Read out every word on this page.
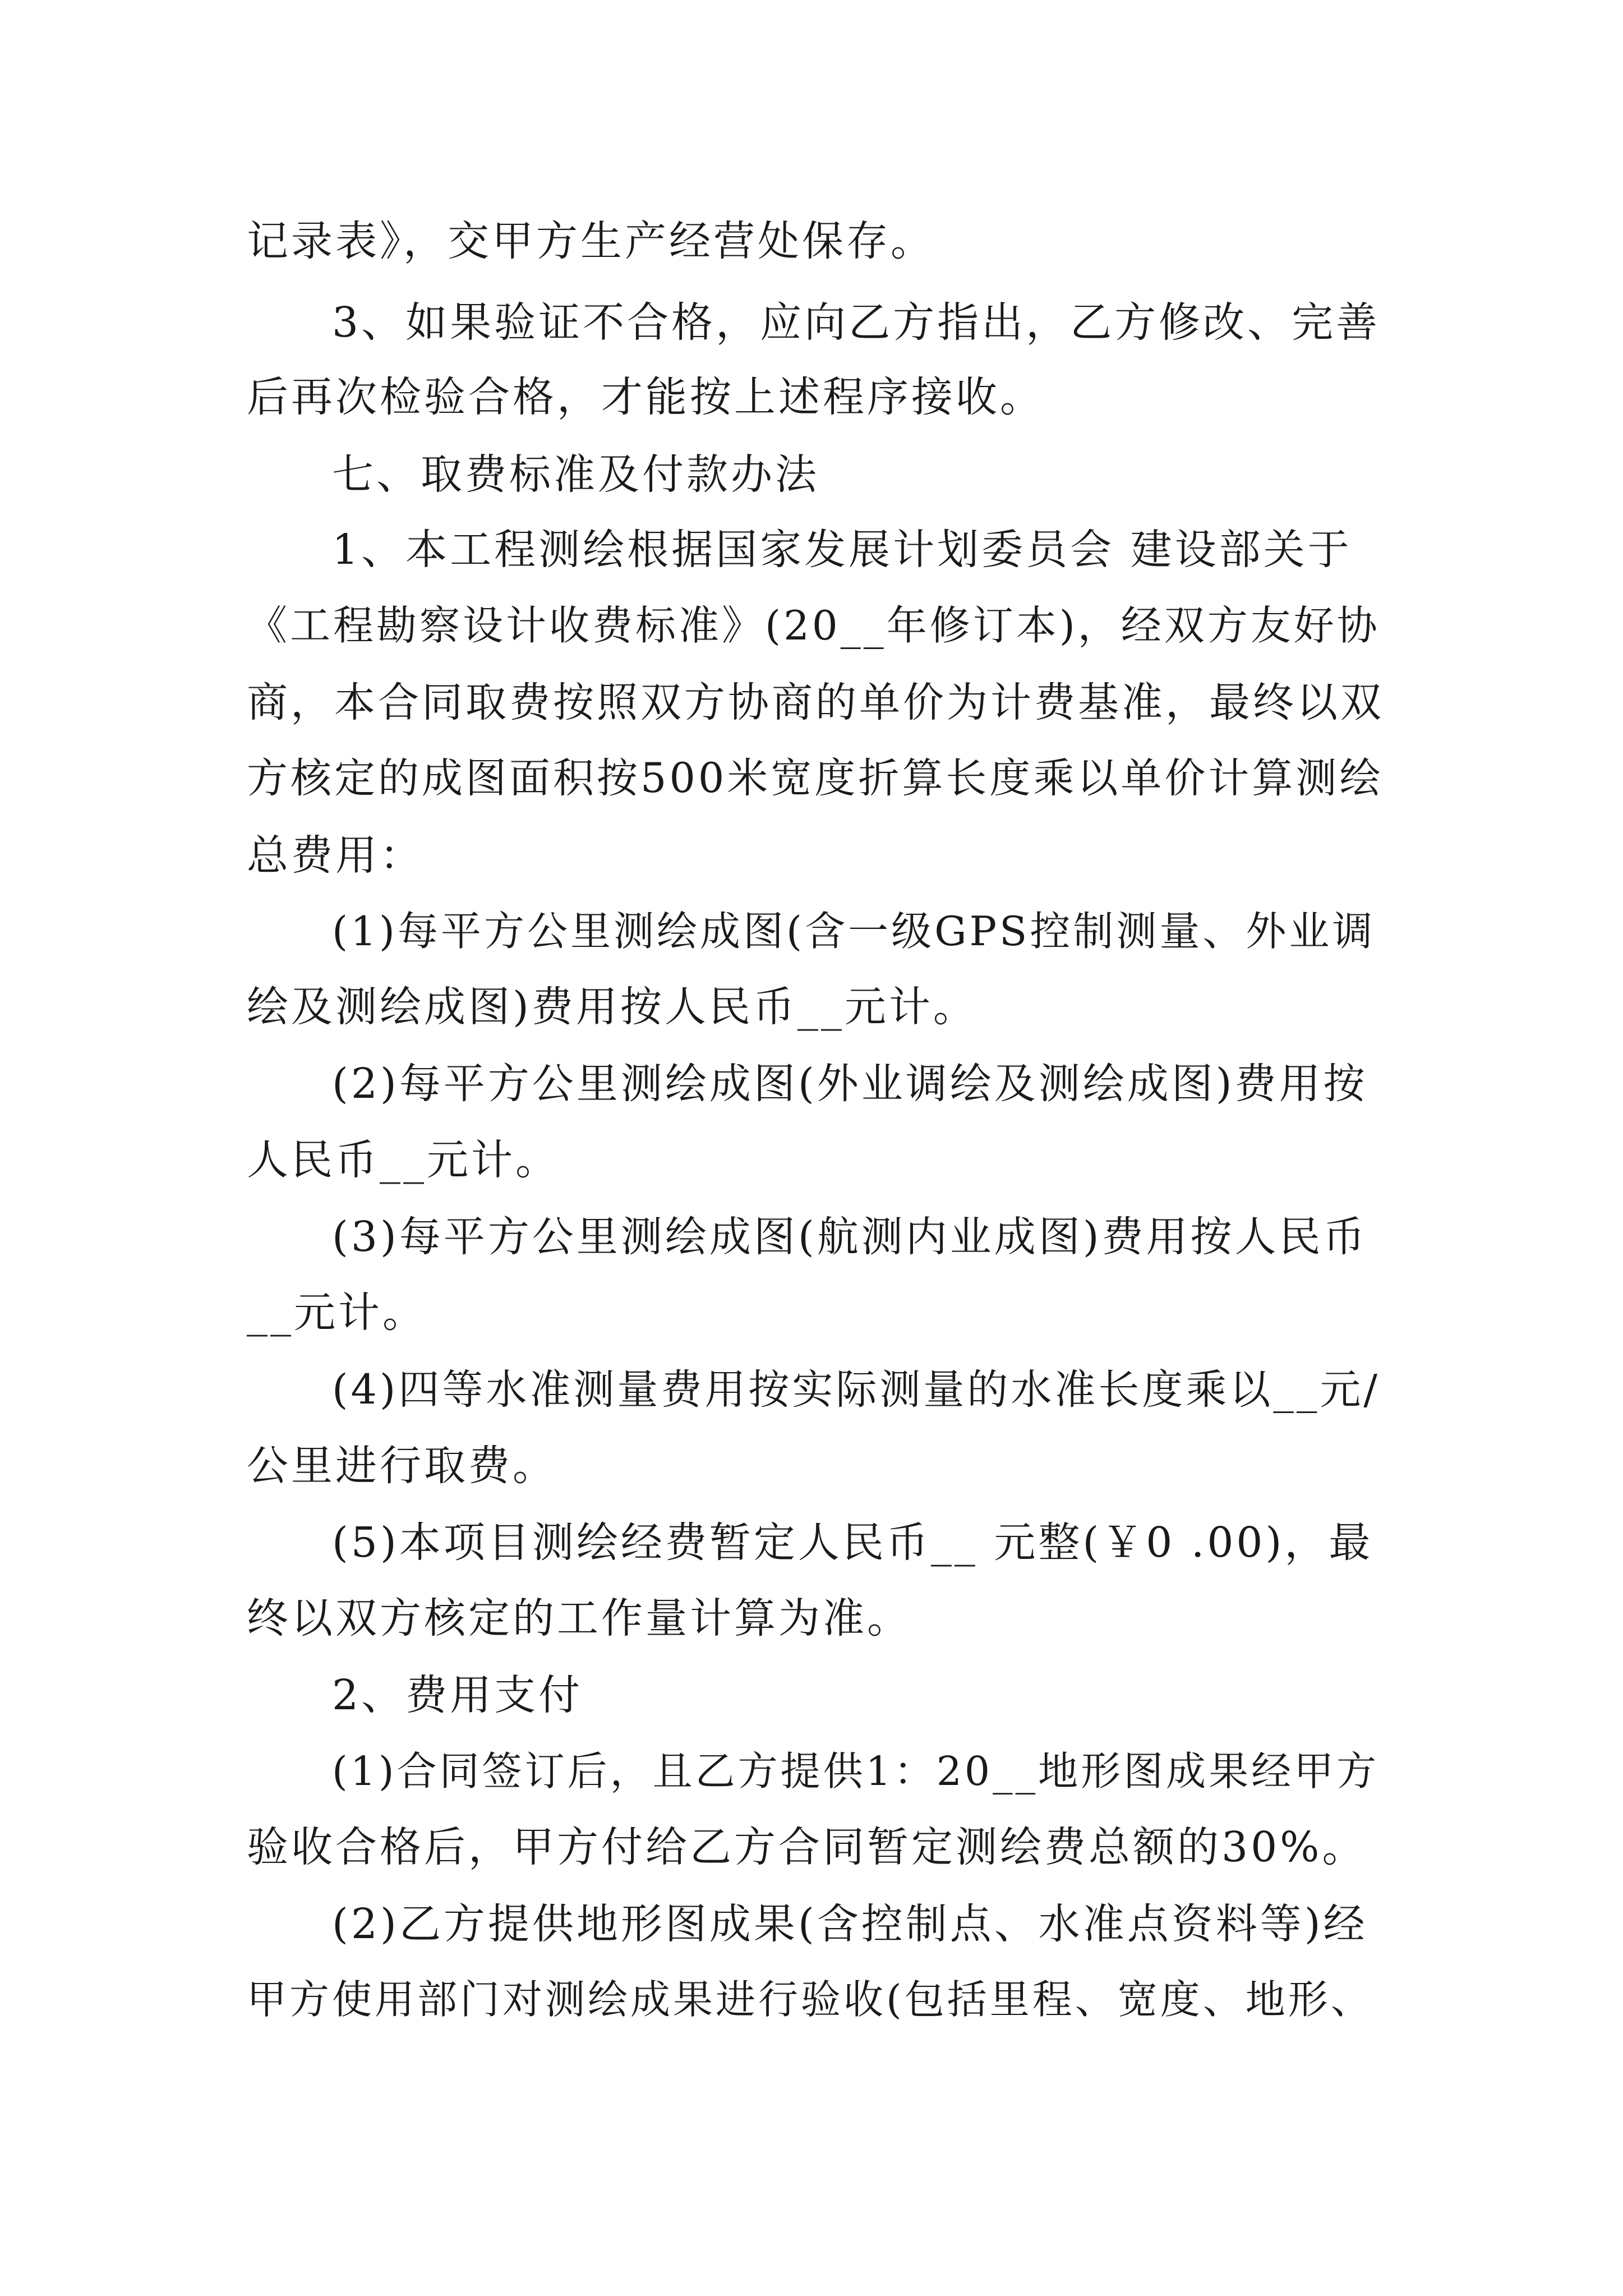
记录表》，交甲方生产经营处保存。

3、如果验证不合格，应向乙方指出，乙方修改、完善

后再次检验合格，才能按上述程序接收。

七、取费标准及付款办法

1、本工程测绘根据国家发展计划委员会 建设部关于

《工程勘察设计收费标准》(20__年修订本)，经双方友好协

商，本合同取费按照双方协商的单价为计费基准，最终以双

方核定的成图面积按500米宽度折算长度乘以单价计算测绘

总费用：

(1)每平方公里测绘成图(含一级GPS控制测量、外业调

绘及测绘成图)费用按人民币__元计。

(2)每平方公里测绘成图(外业调绘及测绘成图)费用按

人民币__元计。

(3)每平方公里测绘成图(航测内业成图)费用按人民币

__元计。

(4)四等水准测量费用按实际测量的水准长度乘以__元/

公里进行取费。

(5)本项目测绘经费暂定人民币__ 元整(￥0 .00)，最

终以双方核定的工作量计算为准。

2、费用支付

(1)合同签订后，且乙方提供1：20__地形图成果经甲方

验收合格后，甲方付给乙方合同暂定测绘费总额的30%。

(2)乙方提供地形图成果(含控制点、水准点资料等)经

甲方使用部门对测绘成果进行验收(包括里程、宽度、地形、
